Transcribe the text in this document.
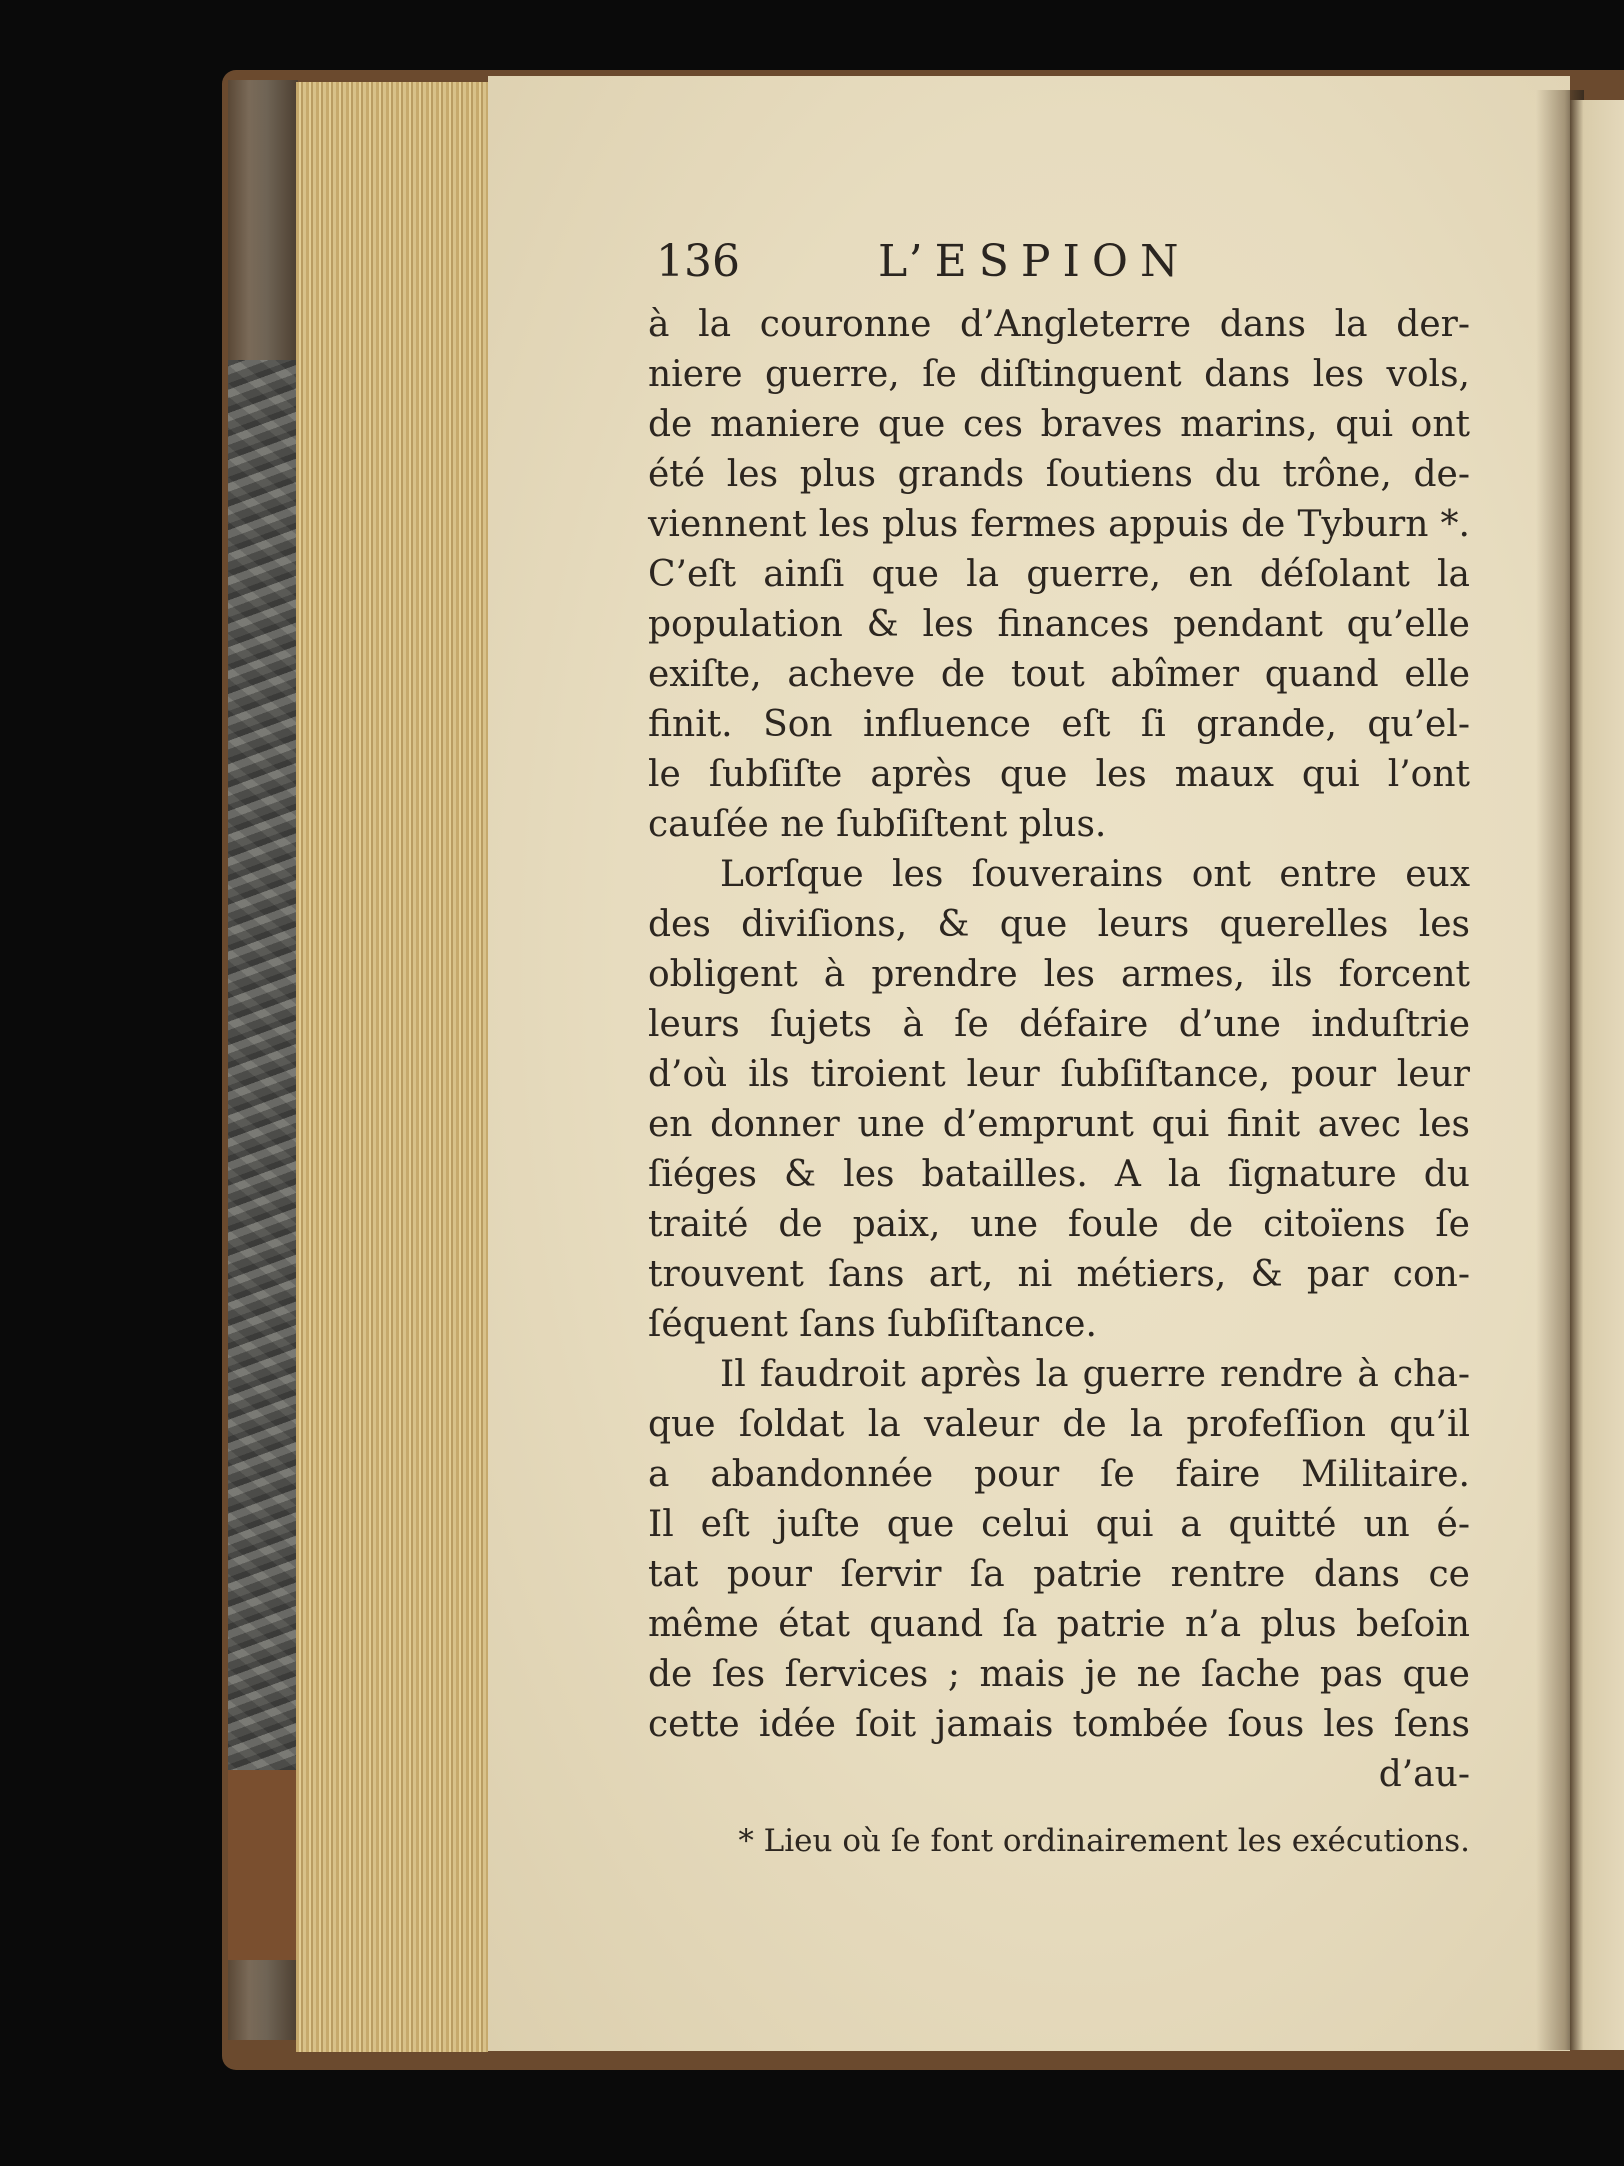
136	L’ESPION
à la couronne d’Angleterre dans la der-
niere guerre, ſe diſtinguent dans les vols,
de maniere que ces braves marins, qui ont
été les plus grands ſoutiens du trône, de-
viennent les plus fermes appuis de Tyburn *.
C’eſt ainſi que la guerre, en déſolant la
population & les finances pendant qu’elle
exiſte, acheve de tout abîmer quand elle
finit. Son influence eſt ſi grande, qu’el-
le ſubſiſte après que les maux qui l’ont
cauſée ne ſubſiſtent plus.
Lorſque les ſouverains ont entre eux
des diviſions, & que leurs querelles les
obligent à prendre les armes, ils forcent
leurs ſujets à ſe défaire d’une induſtrie
d’où ils tiroient leur ſubſiſtance, pour leur
en donner une d’emprunt qui finit avec les
ſiéges & les batailles. A la ſignature du
traité de paix, une foule de citoïens ſe
trouvent ſans art, ni métiers, & par con-
ſéquent ſans ſubſiſtance.
Il faudroit après la guerre rendre à cha-
que ſoldat la valeur de la profeſſion qu’il
a abandonnée pour ſe faire Militaire.
Il eſt juſte que celui qui a quitté un é-
tat pour ſervir ſa patrie rentre dans ce
même état quand ſa patrie n’a plus beſoin
de ſes ſervices ; mais je ne ſache pas que
cette idée ſoit jamais tombée ſous les ſens
d’au-
* Lieu où ſe font ordinairement les exécutions.
